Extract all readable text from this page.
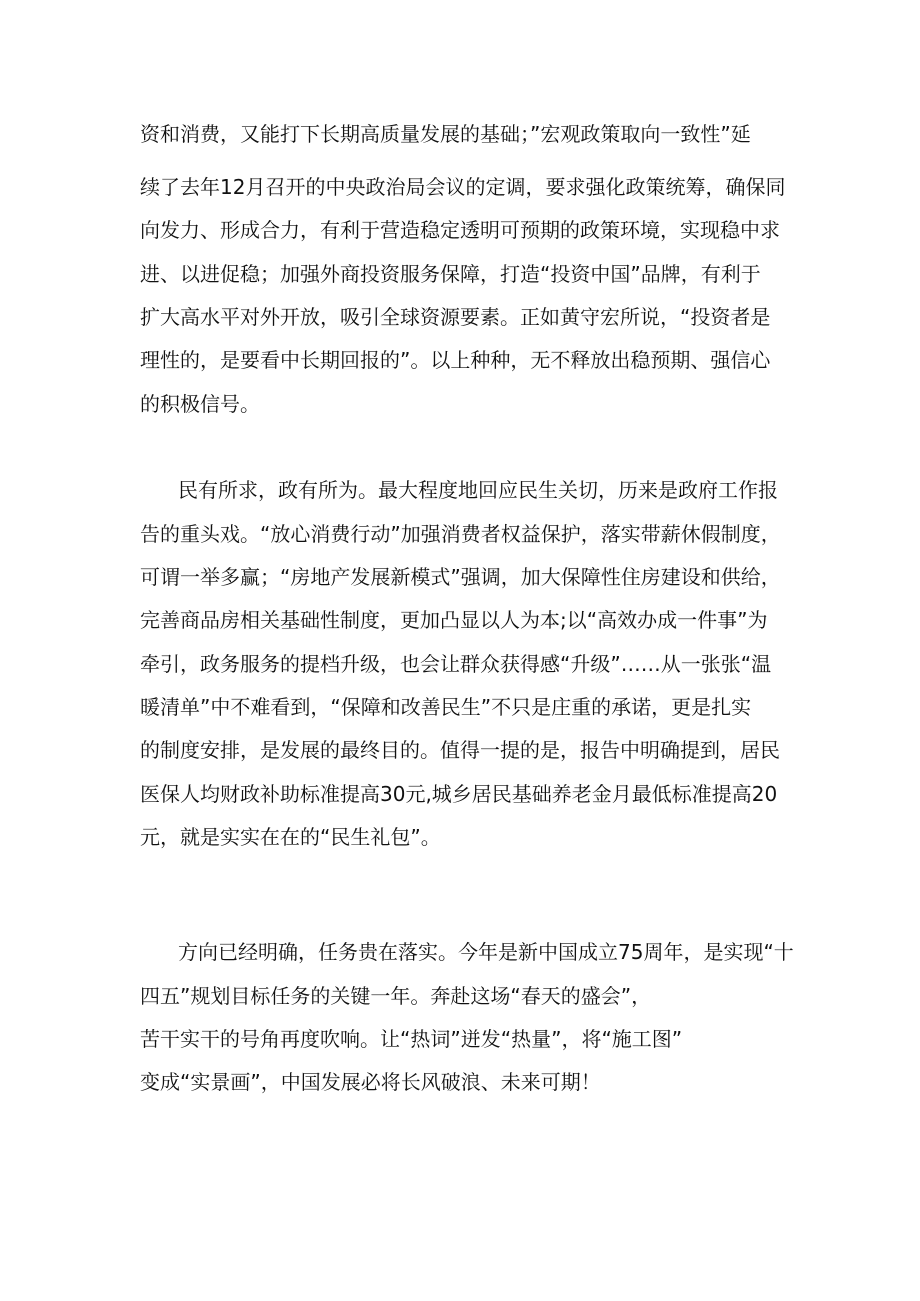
资和消费，又能打下长期高质量发展的基础；”宏观政策取向一致性”延
续了去年12月召开的中央政治局会议的定调，要求强化政策统筹，确保同
向发力、形成合力，有利于营造稳定透明可预期的政策环境，实现稳中求
进、以进促稳；加强外商投资服务保障，打造“投资中国”品牌，有利于
扩大高水平对外开放，吸引全球资源要素。正如黄守宏所说，“投资者是
理性的，是要看中长期回报的”。以上种种，无不释放出稳预期、强信心
的积极信号。
民有所求，政有所为。最大程度地回应民生关切，历来是政府工作报
告的重头戏。“放心消费行动”加强消费者权益保护，落实带薪休假制度，
可谓一举多赢；“房地产发展新模式”强调，加大保障性住房建设和供给，
完善商品房相关基础性制度，更加凸显以人为本;以“高效办成一件事”为
牵引，政务服务的提档升级，也会让群众获得感“升级”……从一张张“温
暖清单”中不难看到，“保障和改善民生”不只是庄重的承诺，更是扎实
的制度安排，是发展的最终目的。值得一提的是，报告中明确提到，居民
医保人均财政补助标准提高30元,城乡居民基础养老金月最低标准提高20
元，就是实实在在的“民生礼包”。
方向已经明确，任务贵在落实。今年是新中国成立75周年，是实现“十
四五”规划目标任务的关键一年。奔赴这场“春天的盛会”，
苦干实干的号角再度吹响。让“热词”迸发“热量”，将“施工图”
变成“实景画”，中国发展必将长风破浪、未来可期！
